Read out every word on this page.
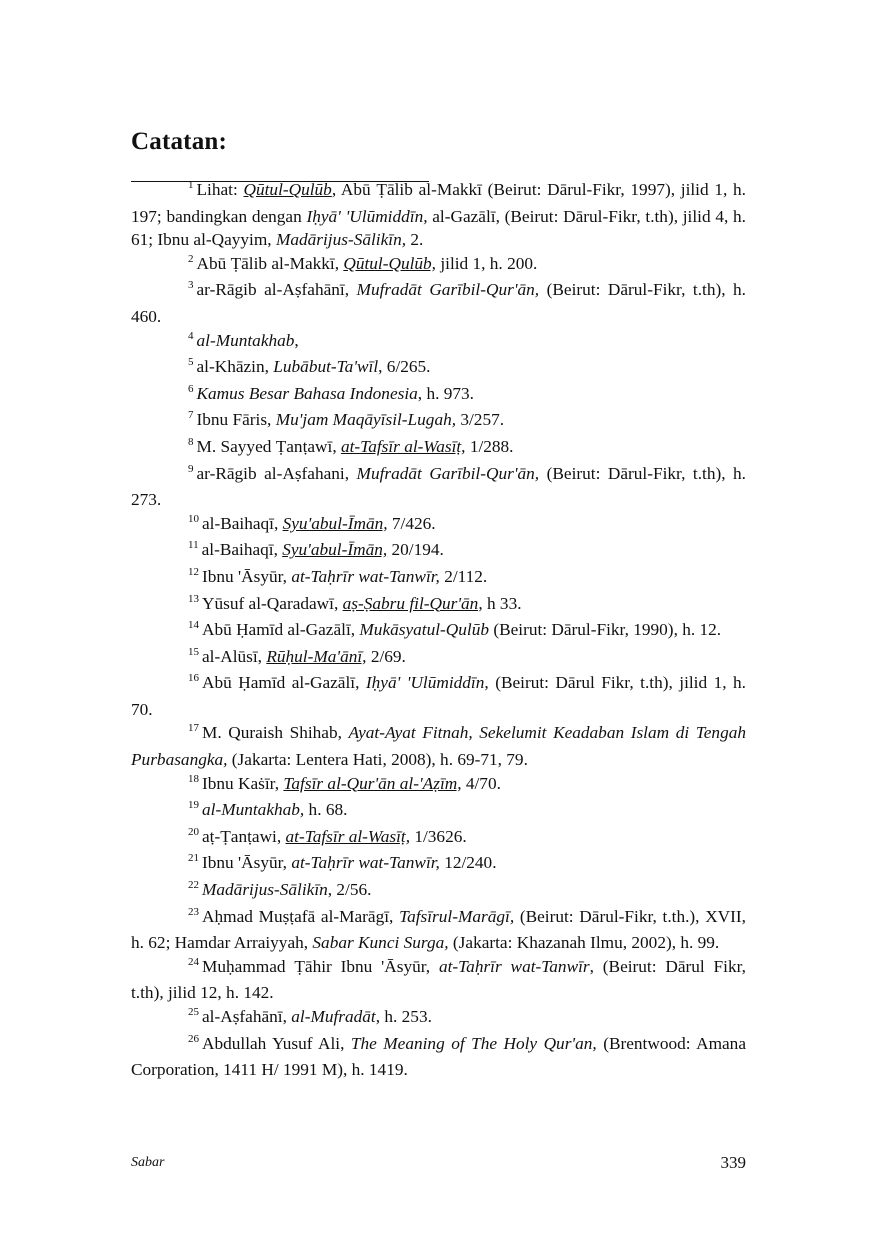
Catatan:
$^1$ Lihat: Qūtul-Qulūb, Abū Ṭālib al-Makkī (Beirut: Dārul-Fikr, 1997), jilid 1, h. 197; bandingkan dengan Iḥyā' 'Ulūmiddīn, al-Gazālī, (Beirut: Dārul-Fikr, t.th), jilid 4, h. 61; Ibnu al-Qayyim, Madārijus-Sālikīn, 2.
$^2$ Abū Ṭālib al-Makkī, Qūtul-Qulūb, jilid 1, h. 200.
$^3$ ar-Rāgib al-Aṣfahānī, Mufradāt Garībil-Qur'ān, (Beirut: Dārul-Fikr, t.th), h. 460.
$^4$ al-Muntakhab,
$^5$ al-Khāzin, Lubābut-Ta'wīl, 6/265.
$^6$ Kamus Besar Bahasa Indonesia, h. 973.
$^7$ Ibnu Fāris, Mu'jam Maqāyīsil-Lugah, 3/257.
$^8$ M. Sayyed Ṭanṭawī, at-Tafsīr al-Wasīṭ, 1/288.
$^9$ ar-Rāgib al-Aṣfahani, Mufradāt Garībil-Qur'ān, (Beirut: Dārul-Fikr, t.th), h. 273.
$^{10}$ al-Baihaqī, Syu'abul-Īmān, 7/426.
$^{11}$ al-Baihaqī, Syu'abul-Īmān, 20/194.
$^{12}$ Ibnu 'Āsyūr, at-Taḥrīr wat-Tanwīr, 2/112.
$^{13}$ Yūsuf al-Qaradawī, aṣ-Ṣabru fil-Qur'ān, h 33.
$^{14}$ Abū Ḥamīd al-Gazālī, Mukāsyatul-Qulūb (Beirut: Dārul-Fikr, 1990), h. 12.
$^{15}$ al-Alūsī, Rūḥul-Ma'ānī, 2/69.
$^{16}$ Abū Ḥamīd al-Gazālī, Iḥyā' 'Ulūmiddīn, (Beirut: Dārul Fikr, t.th), jilid 1, h. 70.
$^{17}$ M. Quraish Shihab, Ayat-Ayat Fitnah, Sekelumit Keadaban Islam di Tengah Purbasangka, (Jakarta: Lentera Hati, 2008), h. 69-71, 79.
$^{18}$ Ibnu Kaṡīr, Tafsīr al-Qur'ān al-'Aẓīm, 4/70.
$^{19}$ al-Muntakhab, h. 68.
$^{20}$ aṭ-Ṭanṭawi, at-Tafsīr al-Wasīṭ, 1/3626.
$^{21}$ Ibnu 'Āsyūr, at-Taḥrīr wat-Tanwīr, 12/240.
$^{22}$ Madārijus-Sālikīn, 2/56.
$^{23}$ Aḥmad Muṣṭafā al-Marāgī, Tafsīrul-Marāgī, (Beirut: Dārul-Fikr, t.th.), XVII, h. 62; Hamdar Arraiyyah, Sabar Kunci Surga, (Jakarta: Khazanah Ilmu, 2002), h. 99.
$^{24}$ Muḥammad Ṭāhir Ibnu 'Āsyūr, at-Taḥrīr wat-Tanwīr, (Beirut: Dārul Fikr, t.th), jilid 12, h. 142.
$^{25}$ al-Aṣfahānī, al-Mufradāt, h. 253.
$^{26}$ Abdullah Yusuf Ali, The Meaning of The Holy Qur'an, (Brentwood: Amana Corporation, 1411 H/ 1991 M), h. 1419.
Sabar	339
